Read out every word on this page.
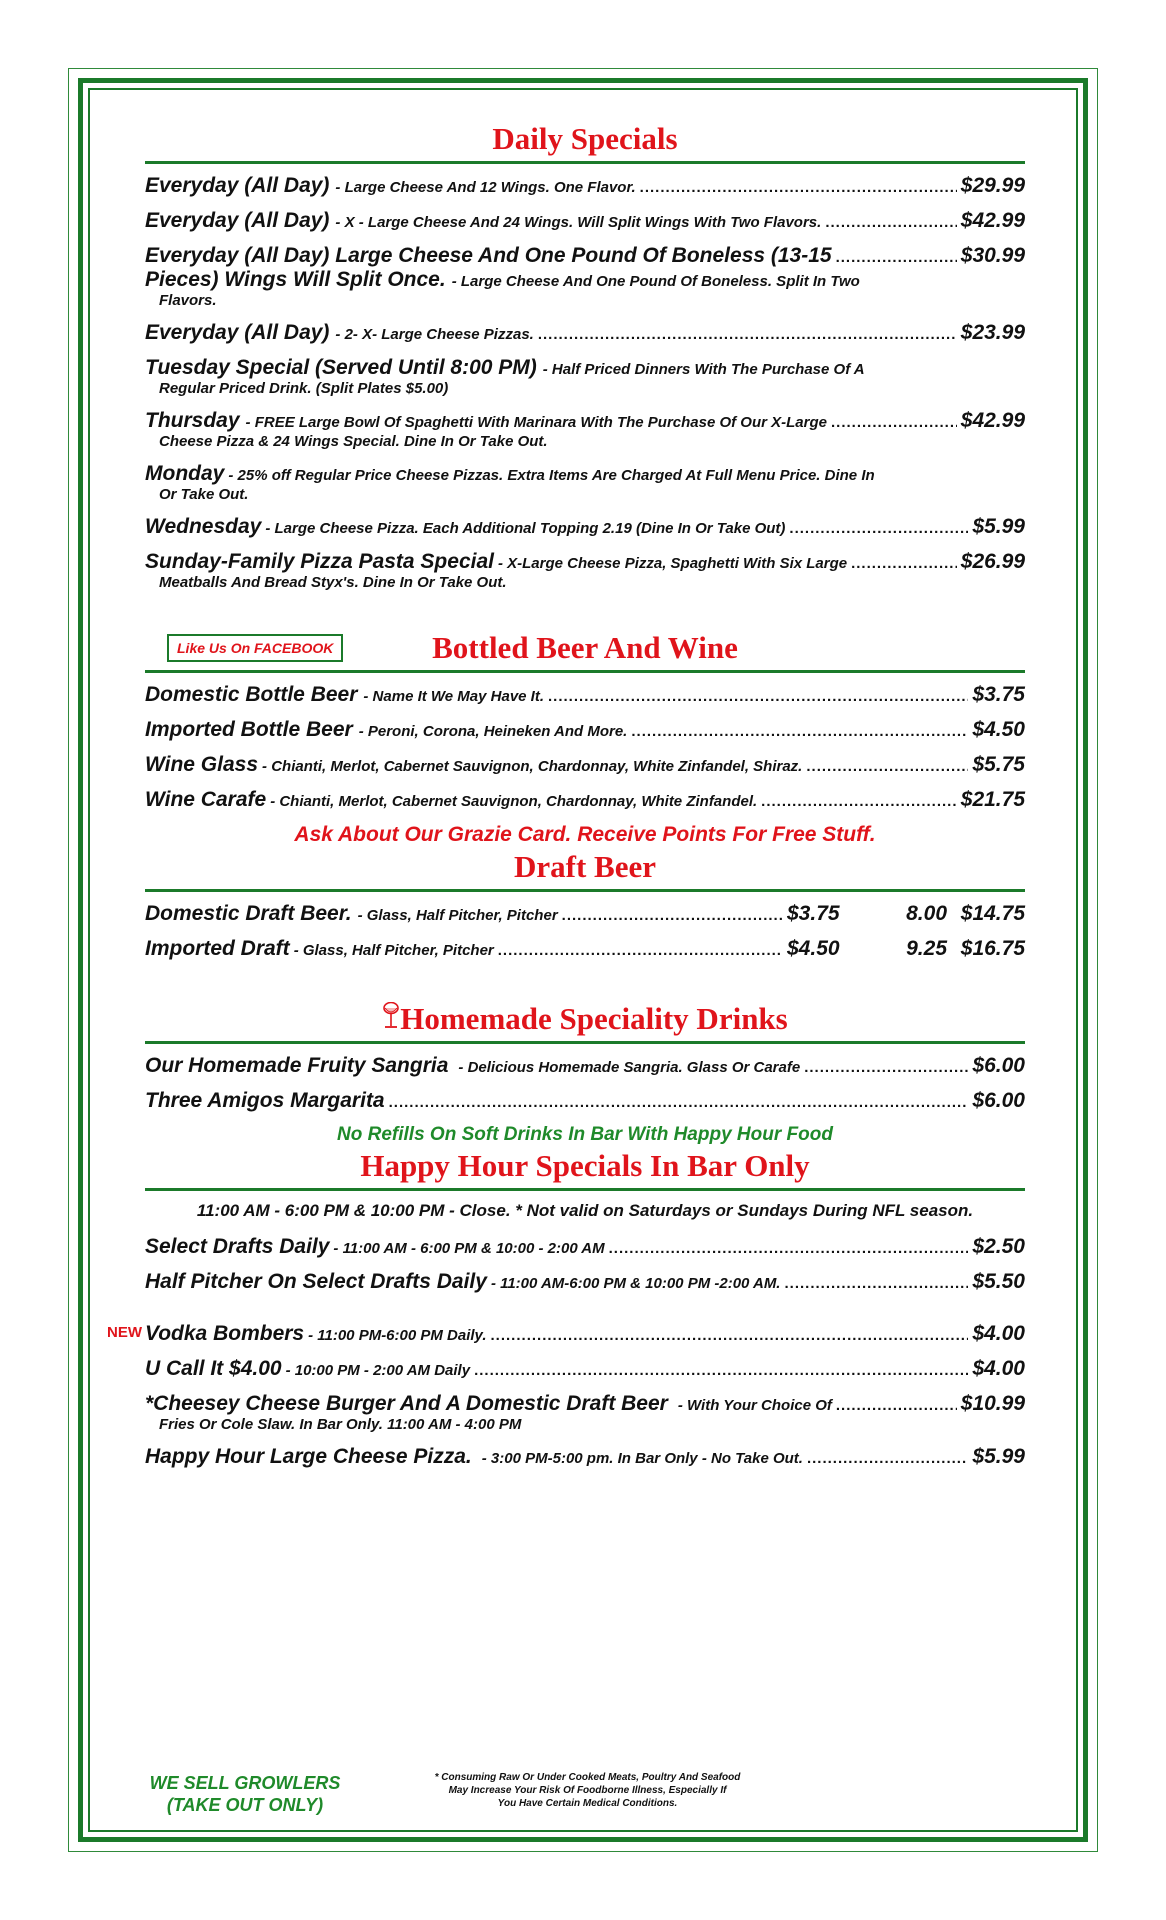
Daily Specials
Everyday (All Day) - Large Cheese And 12 Wings. One Flavor. .....	$29.99
Everyday (All Day) - X - Large Cheese And 24 Wings. Will Split Wings With Two Flavors. .....	$42.99
Everyday (All Day) Large Cheese And One Pound Of Boneless (13-15 .....	$30.99
Pieces) Wings Will Split Once. - Large Cheese And One Pound Of Boneless. Split In Two
Flavors.
Everyday (All Day) - 2- X- Large Cheese Pizzas. .....	$23.99
Tuesday Special (Served Until 8:00 PM) - Half Priced Dinners With The Purchase Of A
Regular Priced Drink. (Split Plates $5.00)
Thursday - FREE Large Bowl Of Spaghetti With Marinara With The Purchase Of Our X-Large .....	$42.99
Cheese Pizza & 24 Wings Special. Dine In Or Take Out.
Monday - 25% off Regular Price Cheese Pizzas. Extra Items Are Charged At Full Menu Price. Dine In
Or Take Out.
Wednesday - Large Cheese Pizza. Each Additional Topping 2.19 (Dine In Or Take Out) .....	$5.99
Sunday-Family Pizza Pasta Special - X-Large Cheese Pizza, Spaghetti With Six Large .....	$26.99
Meatballs And Bread Styx's. Dine In Or Take Out.
Like Us On FACEBOOK	Bottled Beer And Wine
Domestic Bottle Beer - Name It We May Have It. .....	$3.75
Imported Bottle Beer - Peroni, Corona, Heineken And More. .....	$4.50
Wine Glass - Chianti, Merlot, Cabernet Sauvignon, Chardonnay, White Zinfandel, Shiraz. .....	$5.75
Wine Carafe - Chianti, Merlot, Cabernet Sauvignon, Chardonnay, White Zinfandel. .....	$21.75
Ask About Our Grazie Card. Receive Points For Free Stuff.
Draft Beer
Domestic Draft Beer. - Glass, Half Pitcher, Pitcher .....	$3.75	8.00 $14.75
Imported Draft - Glass, Half Pitcher, Pitcher .....	$4.50	9.25 $16.75
Homemade Speciality Drinks
Our Homemade Fruity Sangria - Delicious Homemade Sangria. Glass Or Carafe .....	$6.00
Three Amigos Margarita .....	$6.00
No Refills On Soft Drinks In Bar With Happy Hour Food
Happy Hour Specials In Bar Only
11:00 AM - 6:00 PM & 10:00 PM - Close. * Not valid on Saturdays or Sundays During NFL season.
Select Drafts Daily - 11:00 AM - 6:00 PM & 10:00 - 2:00 AM .....	$2.50
Half Pitcher On Select Drafts Daily - 11:00 AM-6:00 PM & 10:00 PM -2:00 AM. .....	$5.50
NEW Vodka Bombers - 11:00 PM-6:00 PM Daily. .....	$4.00
U Call It $4.00 - 10:00 PM - 2:00 AM Daily .....	$4.00
*Cheesey Cheese Burger And A Domestic Draft Beer - With Your Choice Of .....	$10.99
Fries Or Cole Slaw. In Bar Only. 11:00 AM - 4:00 PM
Happy Hour Large Cheese Pizza. - 3:00 PM-5:00 pm. In Bar Only - No Take Out. .....	$5.99
WE SELL GROWLERS
(TAKE OUT ONLY)
* Consuming Raw Or Under Cooked Meats, Poultry And Seafood
May Increase Your Risk Of Foodborne Illness, Especially If
You Have Certain Medical Conditions.
